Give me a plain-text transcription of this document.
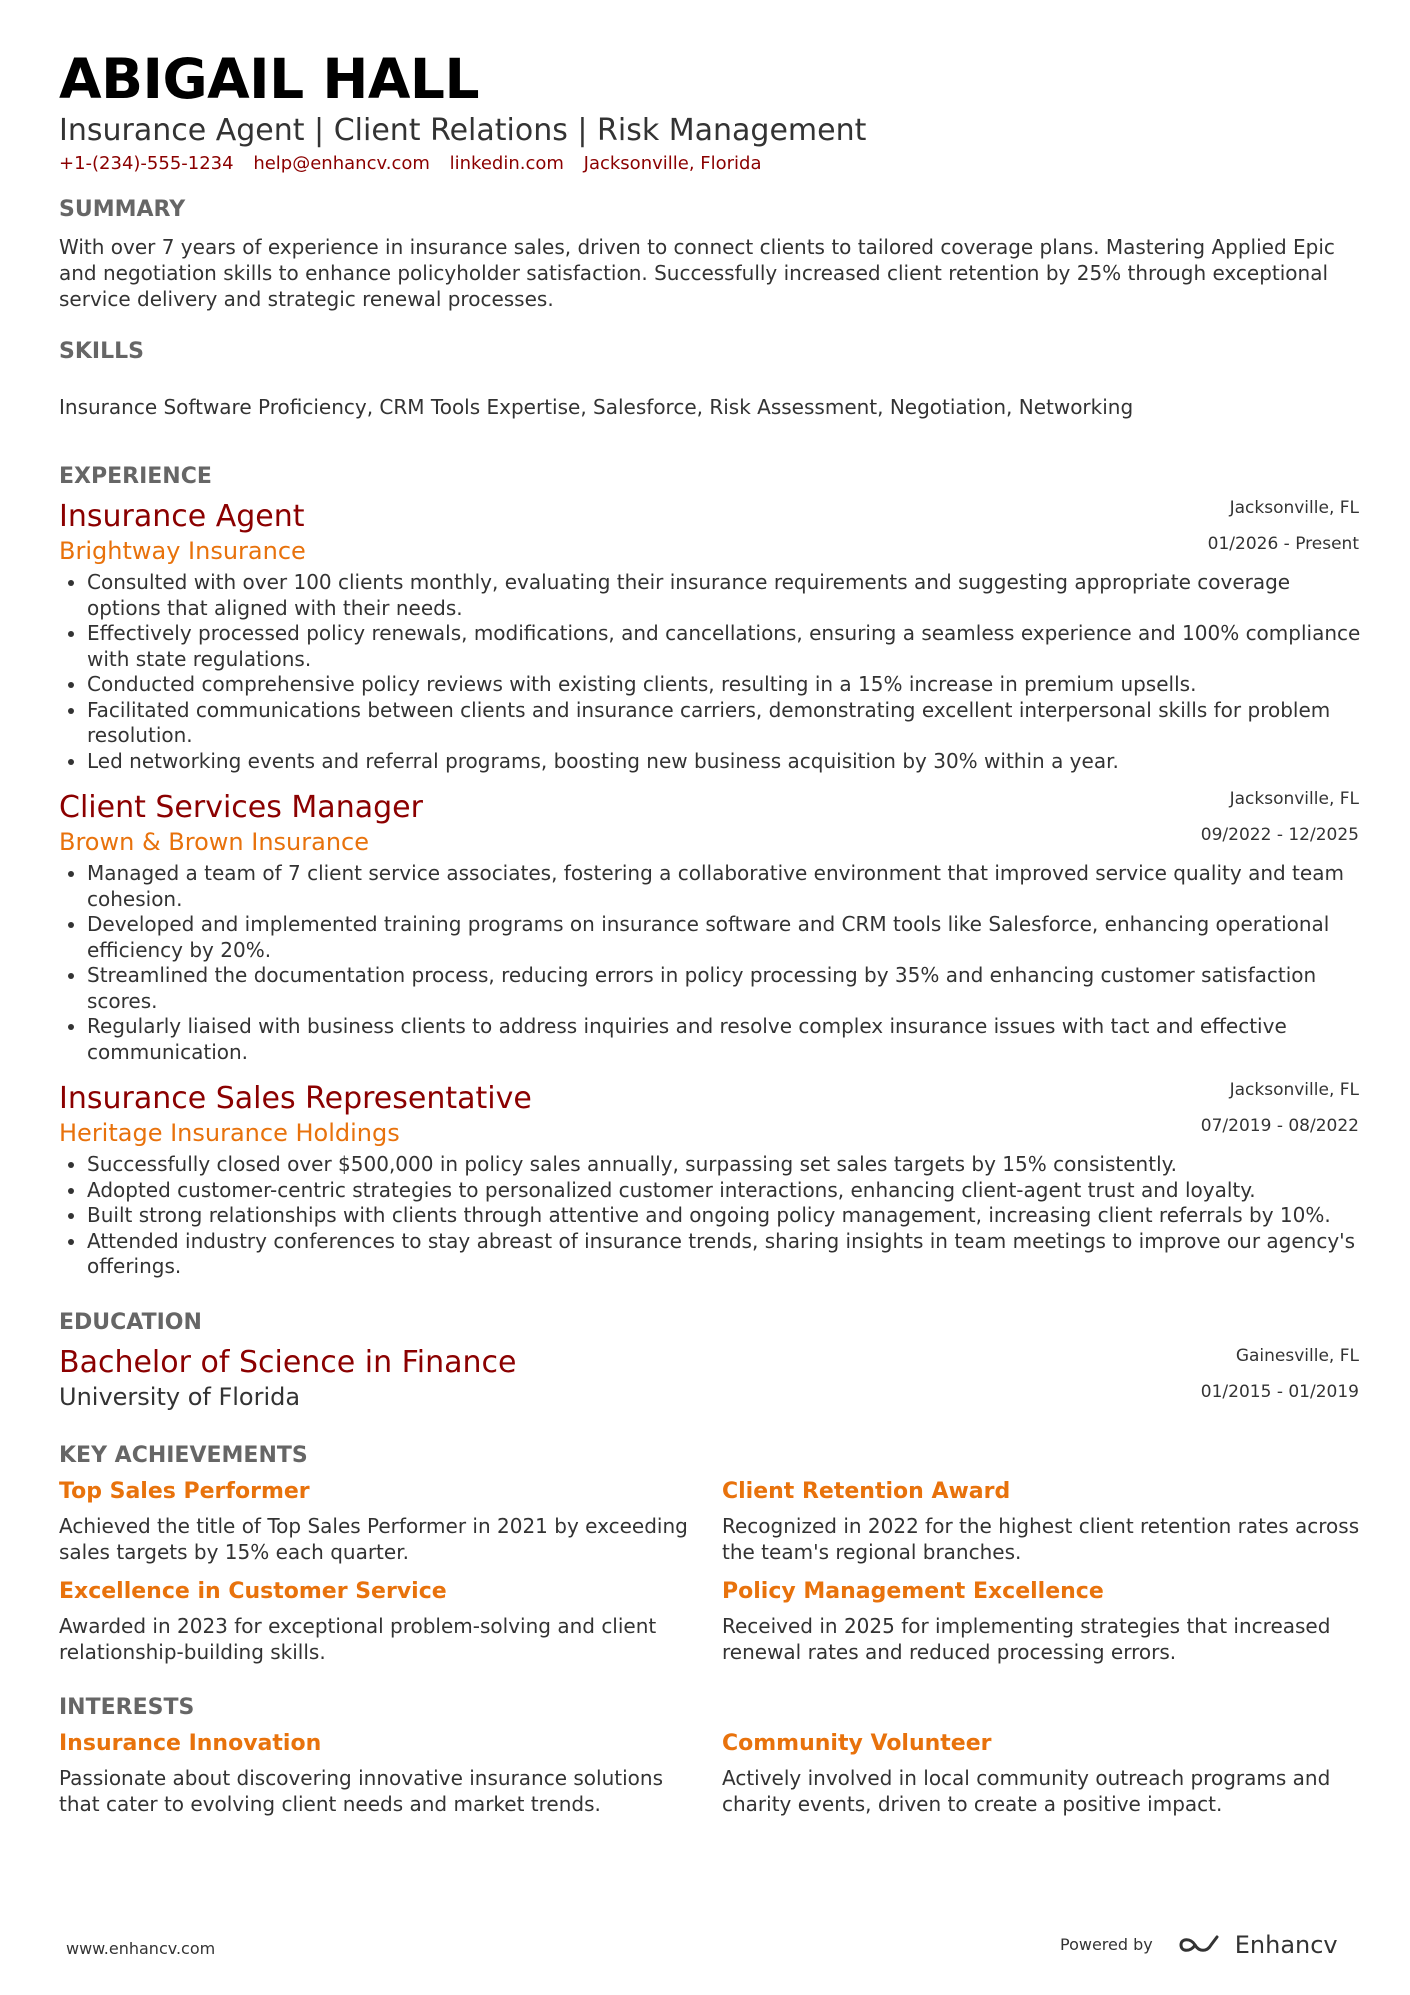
ABIGAIL HALL
Insurance Agent | Client Relations | Risk Management
+1-(234)-555-1234 help@enhancv.com linkedin.com Jacksonville, Florida
SUMMARY
With over 7 years of experience in insurance sales, driven to connect clients to tailored coverage plans. Mastering Applied Epic and negotiation skills to enhance policyholder satisfaction. Successfully increased client retention by 25% through exceptional service delivery and strategic renewal processes.
SKILLS
Insurance Software Proficiency, CRM Tools Expertise, Salesforce, Risk Assessment, Negotiation, Networking
EXPERIENCE
Insurance Agent	Jacksonville, FL
Brightway Insurance	01/2026 - Present
• Consulted with over 100 clients monthly, evaluating their insurance requirements and suggesting appropriate coverage options that aligned with their needs.
• Effectively processed policy renewals, modifications, and cancellations, ensuring a seamless experience and 100% compliance with state regulations.
• Conducted comprehensive policy reviews with existing clients, resulting in a 15% increase in premium upsells.
• Facilitated communications between clients and insurance carriers, demonstrating excellent interpersonal skills for problem resolution.
• Led networking events and referral programs, boosting new business acquisition by 30% within a year.
Client Services Manager	Jacksonville, FL
Brown & Brown Insurance	09/2022 - 12/2025
• Managed a team of 7 client service associates, fostering a collaborative environment that improved service quality and team cohesion.
• Developed and implemented training programs on insurance software and CRM tools like Salesforce, enhancing operational efficiency by 20%.
• Streamlined the documentation process, reducing errors in policy processing by 35% and enhancing customer satisfaction scores.
• Regularly liaised with business clients to address inquiries and resolve complex insurance issues with tact and effective communication.
Insurance Sales Representative	Jacksonville, FL
Heritage Insurance Holdings	07/2019 - 08/2022
• Successfully closed over $500,000 in policy sales annually, surpassing set sales targets by 15% consistently.
• Adopted customer-centric strategies to personalized customer interactions, enhancing client-agent trust and loyalty.
• Built strong relationships with clients through attentive and ongoing policy management, increasing client referrals by 10%.
• Attended industry conferences to stay abreast of insurance trends, sharing insights in team meetings to improve our agency's offerings.
EDUCATION
Bachelor of Science in Finance	Gainesville, FL
University of Florida	01/2015 - 01/2019
KEY ACHIEVEMENTS
Top Sales Performer
Achieved the title of Top Sales Performer in 2021 by exceeding sales targets by 15% each quarter.
Client Retention Award
Recognized in 2022 for the highest client retention rates across the team's regional branches.
Excellence in Customer Service
Awarded in 2023 for exceptional problem-solving and client relationship-building skills.
Policy Management Excellence
Received in 2025 for implementing strategies that increased renewal rates and reduced processing errors.
INTERESTS
Insurance Innovation
Passionate about discovering innovative insurance solutions that cater to evolving client needs and market trends.
Community Volunteer
Actively involved in local community outreach programs and charity events, driven to create a positive impact.
www.enhancv.com	Powered by	Enhancv
